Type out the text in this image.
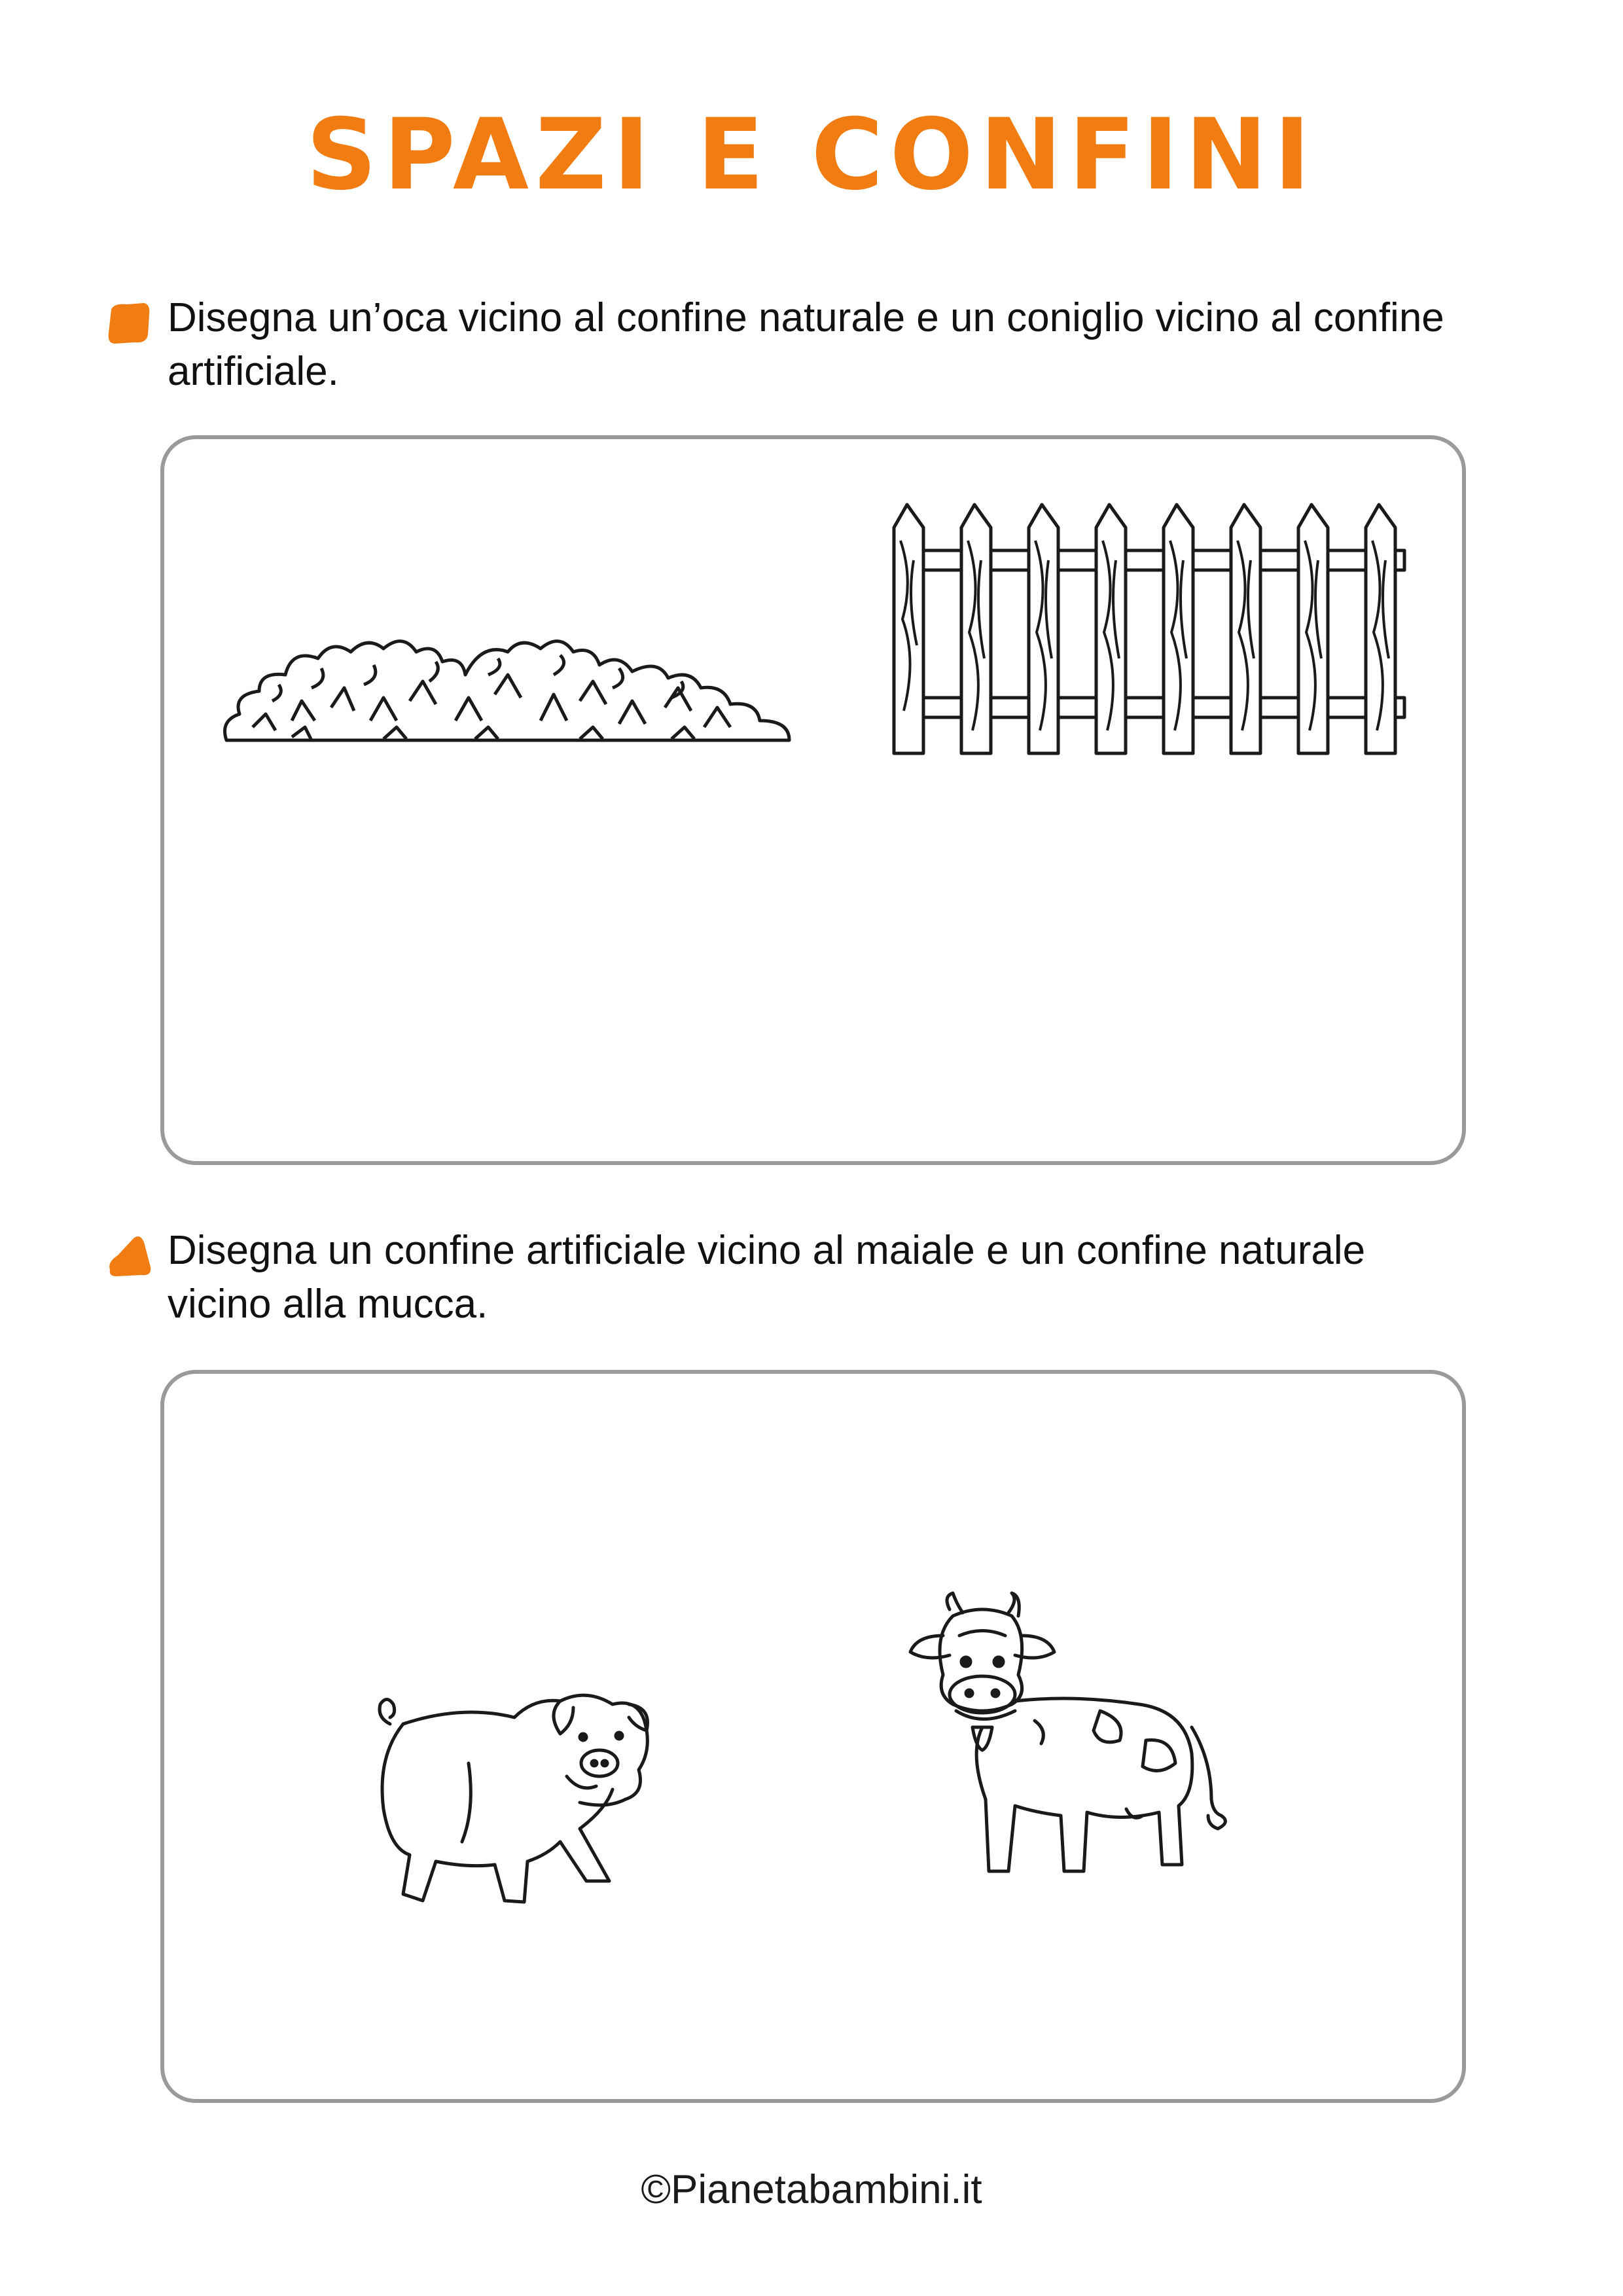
SPAZI E CONFINI
Disegna un’oca vicino al confine naturale e un coniglio vicino al confine artificiale.
Disegna un confine artificiale vicino al maiale e un confine naturale vicino alla mucca.
©Pianetabambini.it
